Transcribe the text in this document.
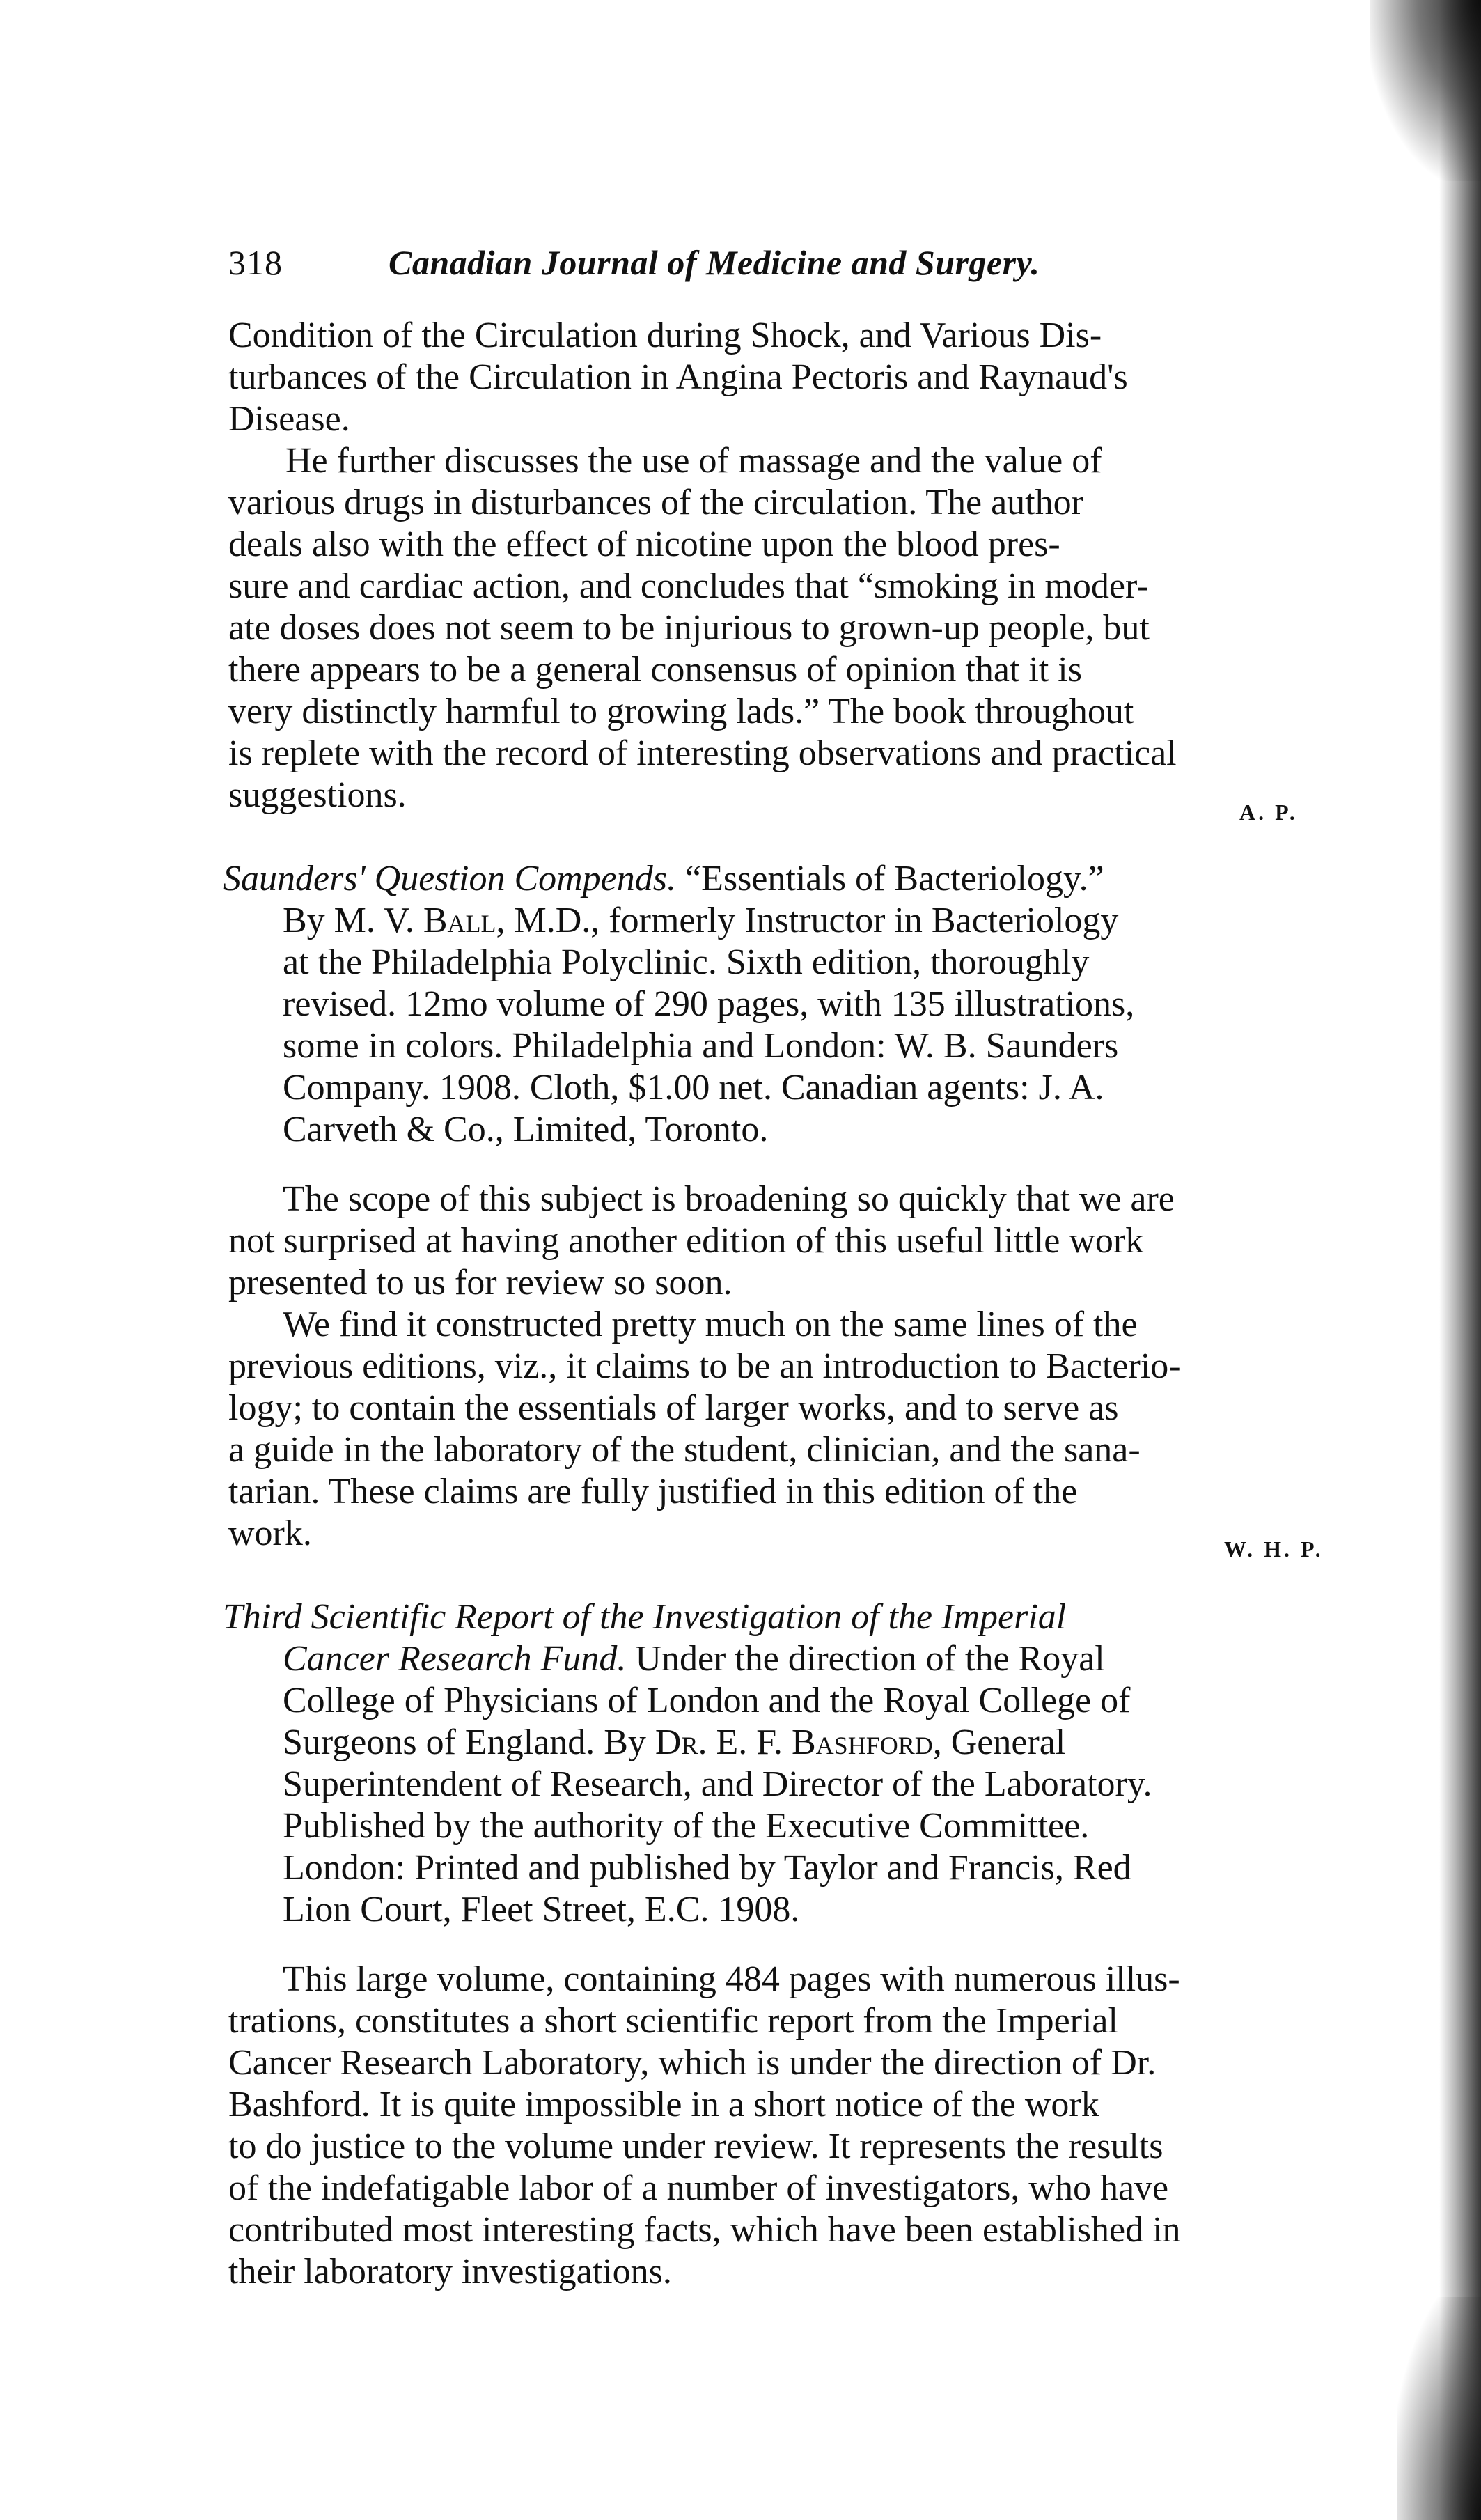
318	Canadian Journal of Medicine and Surgery.
Condition of the Circulation during Shock, and Various Dis-
turbances of the Circulation in Angina Pectoris and Raynaud's
Disease.
He further discusses the use of massage and the value of
various drugs in disturbances of the circulation. The author
deals also with the effect of nicotine upon the blood pres-
sure and cardiac action, and concludes that “smoking in moder-
ate doses does not seem to be injurious to grown-up people, but
there appears to be a general consensus of opinion that it is
very distinctly harmful to growing lads.” The book throughout
is replete with the record of interesting observations and practical
suggestions.	A. P.
Saunders' Question Compends. “Essentials of Bacteriology.”
By M. V. Ball, M.D., formerly Instructor in Bacteriology
at the Philadelphia Polyclinic. Sixth edition, thoroughly
revised. 12mo volume of 290 pages, with 135 illustrations,
some in colors. Philadelphia and London: W. B. Saunders
Company. 1908. Cloth, $1.00 net. Canadian agents: J. A.
Carveth & Co., Limited, Toronto.
The scope of this subject is broadening so quickly that we are
not surprised at having another edition of this useful little work
presented to us for review so soon.
We find it constructed pretty much on the same lines of the
previous editions, viz., it claims to be an introduction to Bacterio-
logy; to contain the essentials of larger works, and to serve as
a guide in the laboratory of the student, clinician, and the sana-
tarian. These claims are fully justified in this edition of the
work.	W. H. P.
Third Scientific Report of the Investigation of the Imperial
Cancer Research Fund. Under the direction of the Royal
College of Physicians of London and the Royal College of
Surgeons of England. By Dr. E. F. Bashford, General
Superintendent of Research, and Director of the Laboratory.
Published by the authority of the Executive Committee.
London: Printed and published by Taylor and Francis, Red
Lion Court, Fleet Street, E.C. 1908.
This large volume, containing 484 pages with numerous illus-
trations, constitutes a short scientific report from the Imperial
Cancer Research Laboratory, which is under the direction of Dr.
Bashford. It is quite impossible in a short notice of the work
to do justice to the volume under review. It represents the results
of the indefatigable labor of a number of investigators, who have
contributed most interesting facts, which have been established in
their laboratory investigations.
